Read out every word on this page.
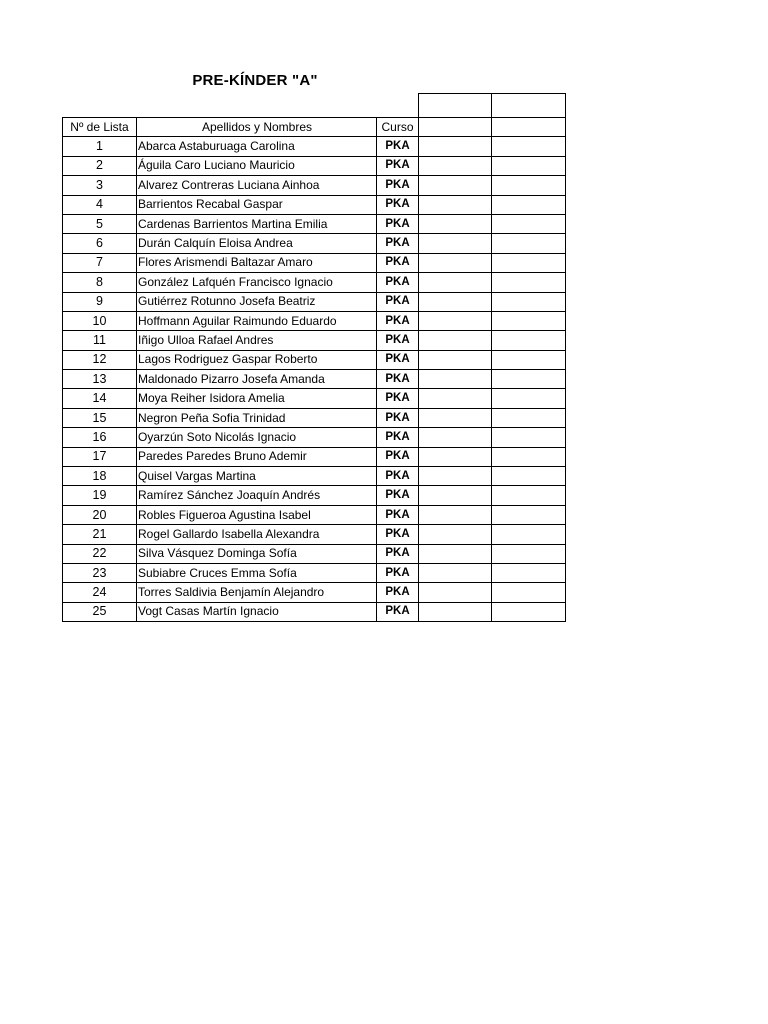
PRE-KÍNDER "A"

Nº de Lista	Apellidos y Nombres	Curso		
1	Abarca Astaburuaga Carolina	PKA		
2	Águila Caro Luciano Mauricio	PKA		
3	Alvarez Contreras Luciana Ainhoa	PKA		
4	Barrientos Recabal Gaspar	PKA		
5	Cardenas Barrientos Martina Emilia	PKA		
6	Durán Calquín Eloisa Andrea	PKA		
7	Flores Arismendi Baltazar Amaro	PKA		
8	González Lafquén Francisco Ignacio	PKA		
9	Gutiérrez Rotunno Josefa Beatriz	PKA		
10	Hoffmann Aguilar Raimundo Eduardo	PKA		
11	Iñigo Ulloa Rafael Andres	PKA		
12	Lagos Rodriguez Gaspar Roberto	PKA		
13	Maldonado Pizarro Josefa Amanda	PKA		
14	Moya Reiher Isidora Amelia	PKA		
15	Negron Peña Sofia Trinidad	PKA		
16	Oyarzún Soto Nicolás Ignacio	PKA		
17	Paredes Paredes Bruno Ademir	PKA		
18	Quisel Vargas Martina	PKA		
19	Ramírez Sánchez Joaquín Andrés	PKA		
20	Robles Figueroa Agustina Isabel	PKA		
21	Rogel Gallardo Isabella Alexandra	PKA		
22	Silva Vásquez Dominga Sofía	PKA		
23	Subiabre Cruces Emma Sofía	PKA		
24	Torres Saldivia Benjamín Alejandro	PKA		
25	Vogt Casas Martín Ignacio	PKA		
